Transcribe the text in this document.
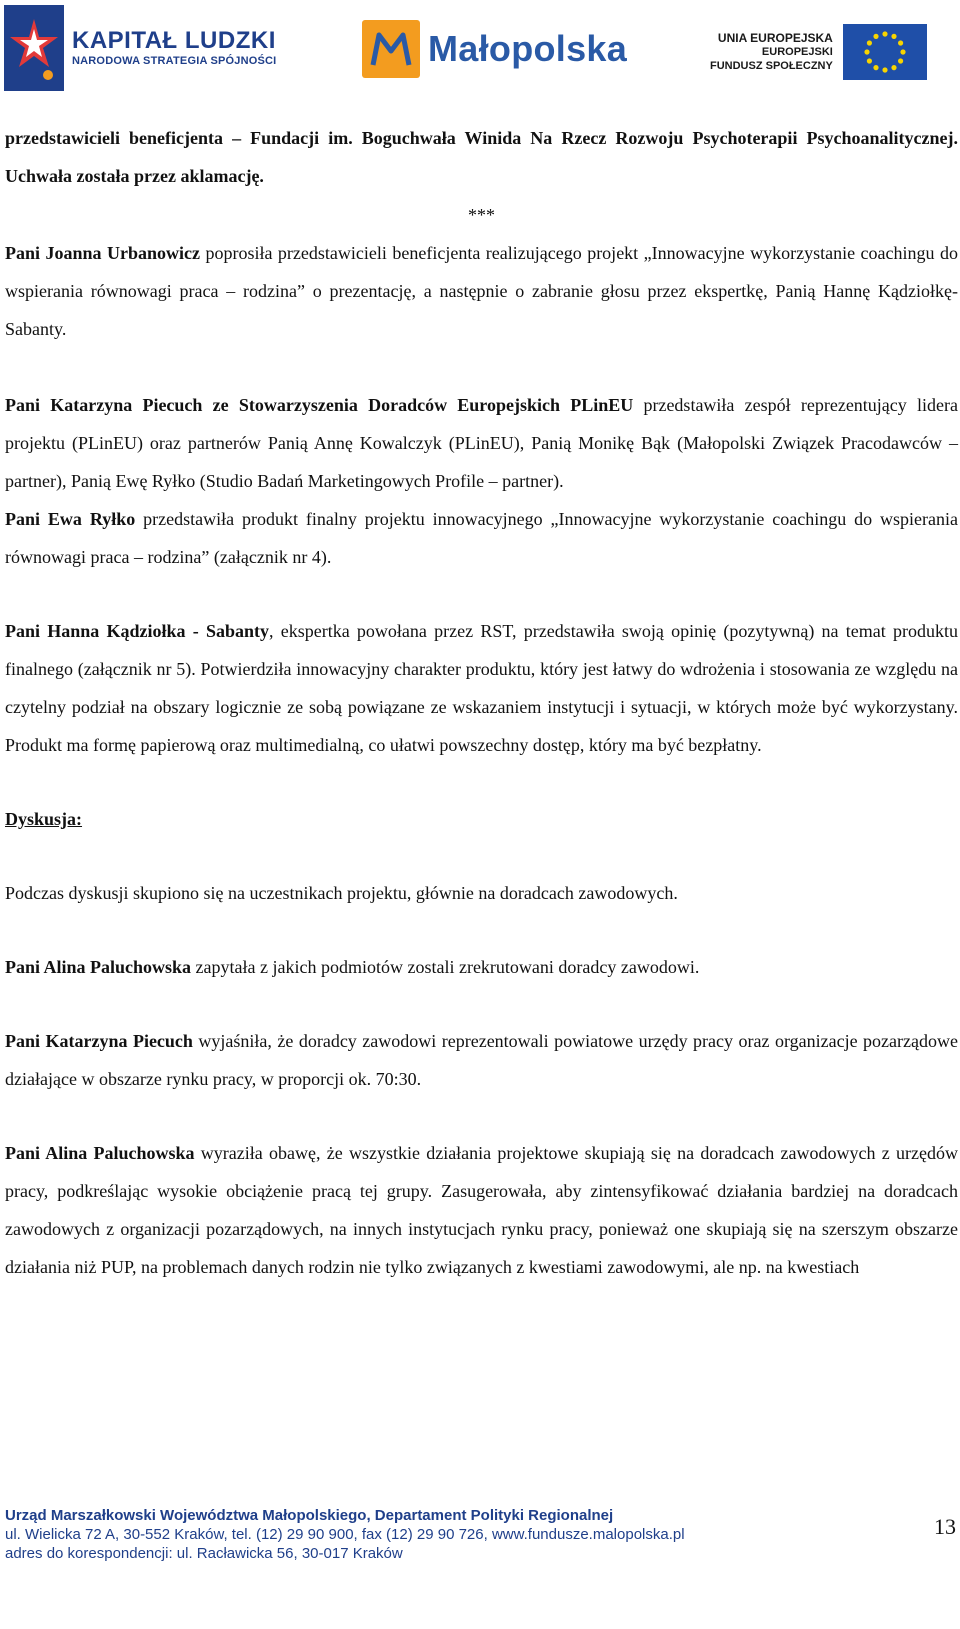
KAPITAŁ LUDZKI
NARODOWA STRATEGIA SPÓJNOŚCI	Małopolska	UNIA EUROPEJSKA
EUROPEJSKI
FUNDUSZ SPOŁECZNY

przedstawicieli beneficjenta – Fundacji im. Boguchwała Winida Na Rzecz Rozwoju Psychoterapii Psychoanalitycznej. Uchwała została przez aklamację.

***

Pani Joanna Urbanowicz poprosiła przedstawicieli beneficjenta realizującego projekt „Innowacyjne wykorzystanie coachingu do wspierania równowagi praca – rodzina” o prezentację, a następnie o zabranie głosu przez ekspertkę, Panią Hannę Kądziołkę-Sabanty.

Pani Katarzyna Piecuch ze Stowarzyszenia Doradców Europejskich PLinEU przedstawiła zespół reprezentujący lidera projektu (PLinEU) oraz partnerów Panią Annę Kowalczyk (PLinEU), Panią Monikę Bąk (Małopolski Związek Pracodawców – partner), Panią Ewę Ryłko (Studio Badań Marketingowych Profile – partner).

Pani Ewa Ryłko przedstawiła produkt finalny projektu innowacyjnego „Innowacyjne wykorzystanie coachingu do wspierania równowagi praca – rodzina” (załącznik nr 4).

Pani Hanna Kądziołka - Sabanty, ekspertka powołana przez RST, przedstawiła swoją opinię (pozytywną) na temat produktu finalnego (załącznik nr 5). Potwierdziła innowacyjny charakter produktu, który jest łatwy do wdrożenia i stosowania ze względu na czytelny podział na obszary logicznie ze sobą powiązane ze wskazaniem instytucji i sytuacji, w których może być wykorzystany. Produkt ma formę papierową oraz multimedialną, co ułatwi powszechny dostęp, który ma być bezpłatny.

Dyskusja:

Podczas dyskusji skupiono się na uczestnikach projektu, głównie na doradcach zawodowych.

Pani Alina Paluchowska zapytała z jakich podmiotów zostali zrekrutowani doradcy zawodowi.

Pani Katarzyna Piecuch wyjaśniła, że doradcy zawodowi reprezentowali powiatowe urzędy pracy oraz organizacje pozarządowe działające w obszarze rynku pracy, w proporcji ok. 70:30.

Pani Alina Paluchowska wyraziła obawę, że wszystkie działania projektowe skupiają się na doradcach zawodowych z urzędów pracy, podkreślając wysokie obciążenie pracą tej grupy. Zasugerowała, aby zintensyfikować działania bardziej na doradcach zawodowych z organizacji pozarządowych, na innych instytucjach rynku pracy, ponieważ one skupiają się na szerszym obszarze działania niż PUP, na problemach danych rodzin nie tylko związanych z kwestiami zawodowymi, ale np. na kwestiach

Urząd Marszałkowski Województwa Małopolskiego, Departament Polityki Regionalnej
ul. Wielicka 72 A, 30-552 Kraków, tel. (12) 29 90 900, fax (12) 29 90 726, www.fundusze.malopolska.pl
adres do korespondencji: ul. Racławicka 56, 30-017 Kraków
13
